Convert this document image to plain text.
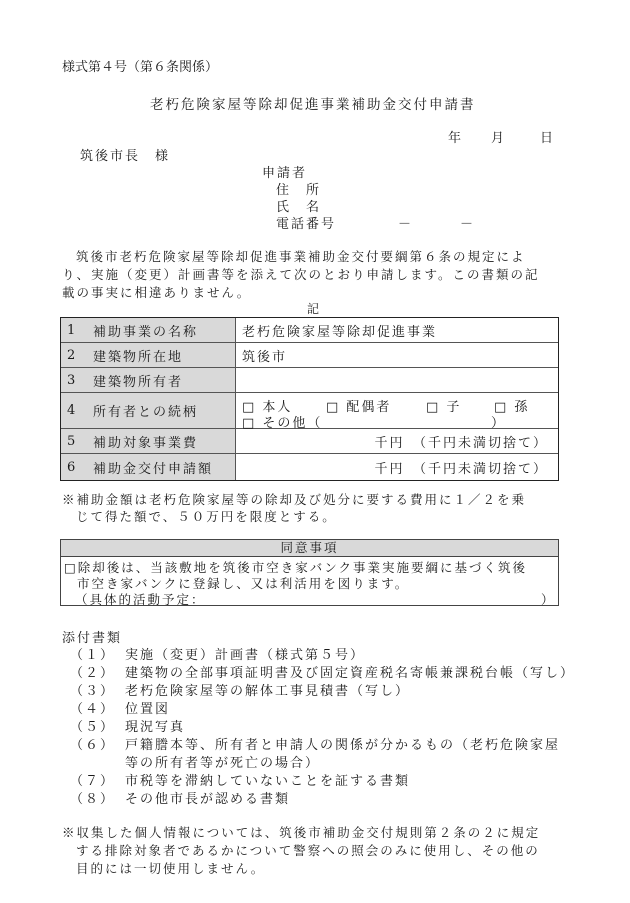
様式第４号（第６条関係）
老朽危険家屋等除却促進事業補助金交付申請書
年 月	日
筑後市長　様
申請者
住　所
氏　名
電話番号	－	－
筑後市老朽危険家屋等除却促進事業補助金交付要綱第６条の規定によ
り、実施（変更）計画書等を添えて次のとおり申請します。この書類の記
載の事実に相違ありません。
記
1	補助事業の名称	老朽危険家屋等除却促進事業
2	建築物所在地	筑後市
3	建築物所有者
4	所有者との続柄	□ 本人	□ 配偶者	□ 子	□ 孫
□ その他（	）
5	補助対象事業費	千円　（千円未満切捨て）
6	補助金交付申請額	千円　（千円未満切捨て）
※補助金額は老朽危険家屋等の除却及び処分に要する費用に１／２を乗
じて得た額で、５０万円を限度とする。
同意事項
□除却後は、当該敷地を筑後市空き家バンク事業実施要綱に基づく筑後
市空き家バンクに登録し、又は利活用を図ります。
（具体的活動予定：	）
添付書類
（１） 実施（変更）計画書（様式第５号）
（２） 建築物の全部事項証明書及び固定資産税名寄帳兼課税台帳（写し）
（３） 老朽危険家屋等の解体工事見積書（写し）
（４） 位置図
（５） 現況写真
（６） 戸籍謄本等、所有者と申請人の関係が分かるもの（老朽危険家屋
等の所有者等が死亡の場合）
（７） 市税等を滞納していないことを証する書類
（８） その他市長が認める書類
※収集した個人情報については、筑後市補助金交付規則第２条の２に規定
する排除対象者であるかについて警察への照会のみに使用し、その他の
目的には一切使用しません。
